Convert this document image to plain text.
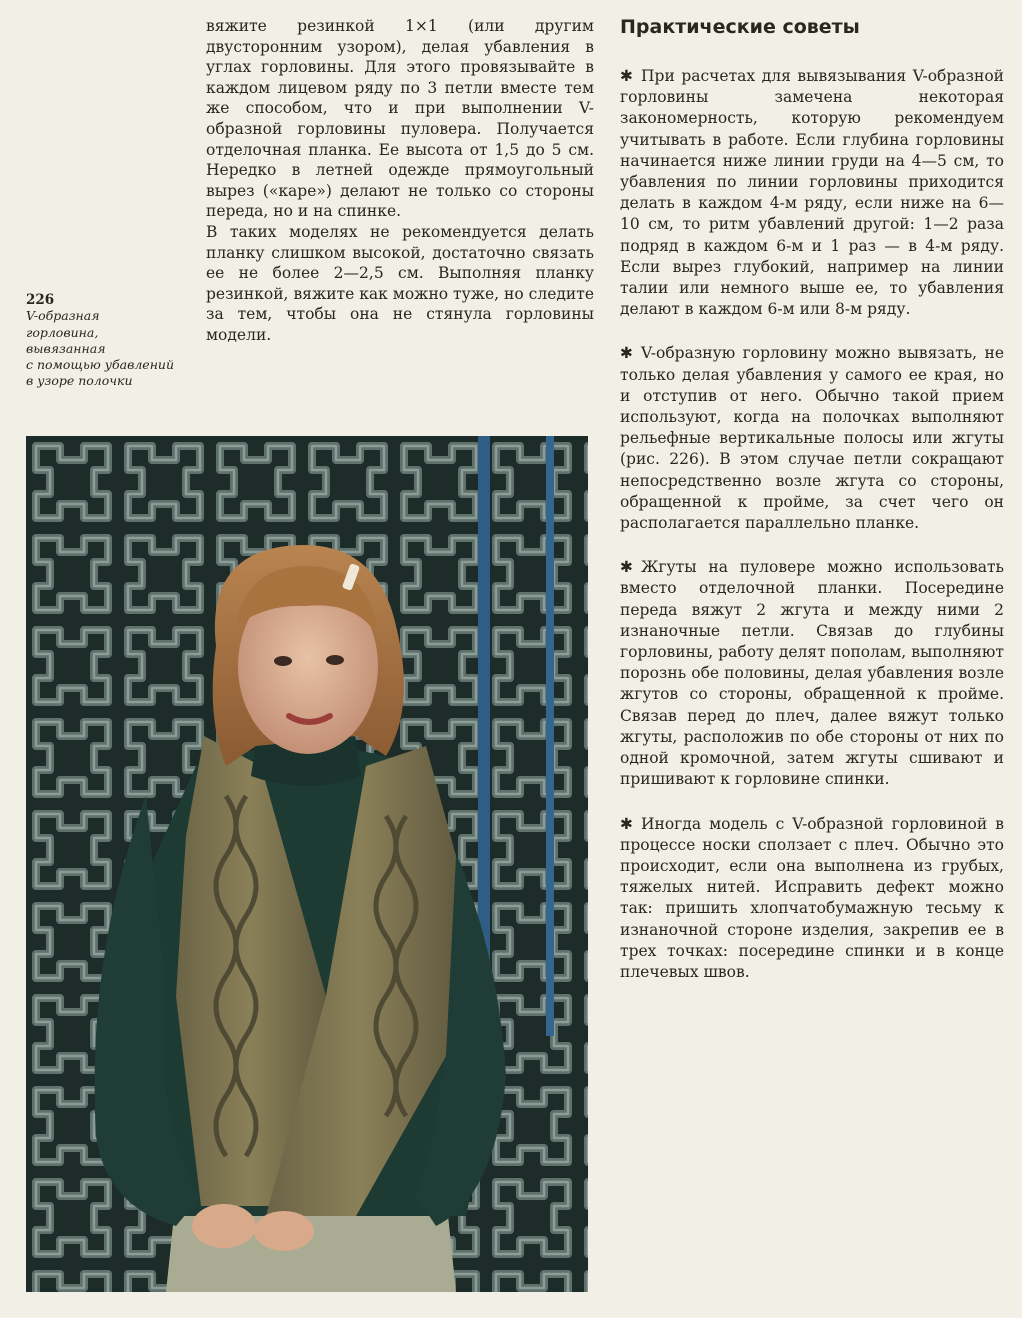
вяжите резинкой 1×1 (или другим двусторонним узором), делая убавления в углах горловины. Для этого провязывайте в каждом лицевом ряду по 3 петли вместе тем же способом, что и при выполнении V-образной горловины пуловера. Получается отделочная планка. Ее высота от 1,5 до 5 см. Нередко в летней одежде прямоугольный вырез («каре») делают не только со стороны переда, но и на спинке.

В таких моделях не рекомендуется делать планку слишком высокой, достаточно связать ее не более 2—2,5 см. Выполняя планку резинкой, вяжите как можно туже, но следите за тем, чтобы она не стянула горловины модели.

226
V-образная
горловина,
вывязанная
с помощью убавлений
в узоре полочки
Практические советы

✱ При расчетах для вывязывания V-образной горловины замечена некоторая закономерность, которую рекомендуем учитывать в работе. Если глубина горловины начинается ниже линии груди на 4—5 см, то убавления по линии горловины приходится делать в каждом 4-м ряду, если ниже на 6—10 см, то ритм убавлений другой: 1—2 раза подряд в каждом 6-м и 1 раз — в 4-м ряду. Если вырез глубокий, например на линии талии или немного выше ее, то убавления делают в каждом 6-м или 8-м ряду.

✱ V-образную горловину можно вывязать, не только делая убавления у самого ее края, но и отступив от него. Обычно такой прием используют, когда на полочках выполняют рельефные вертикальные полосы или жгуты (рис. 226). В этом случае петли сокращают непосредственно возле жгута со стороны, обращенной к пройме, за счет чего он располагается параллельно планке.

✱ Жгуты на пуловере можно использовать вместо отделочной планки. Посередине переда вяжут 2 жгута и между ними 2 изнаночные петли. Связав до глубины горловины, работу делят пополам, выполняют порознь обе половины, делая убавления возле жгутов со стороны, обращенной к пройме. Связав перед до плеч, далее вяжут только жгуты, расположив по обе стороны от них по одной кромочной, затем жгуты сшивают и пришивают к горловине спинки.

✱ Иногда модель с V-образной горловиной в процессе носки сползает с плеч. Обычно это происходит, если она выполнена из грубых, тяжелых нитей. Исправить дефект можно так: пришить хлопчатобумажную тесьму к изнаночной стороне изделия, закрепив ее в трех точках: посередине спинки и в конце плечевых швов.
